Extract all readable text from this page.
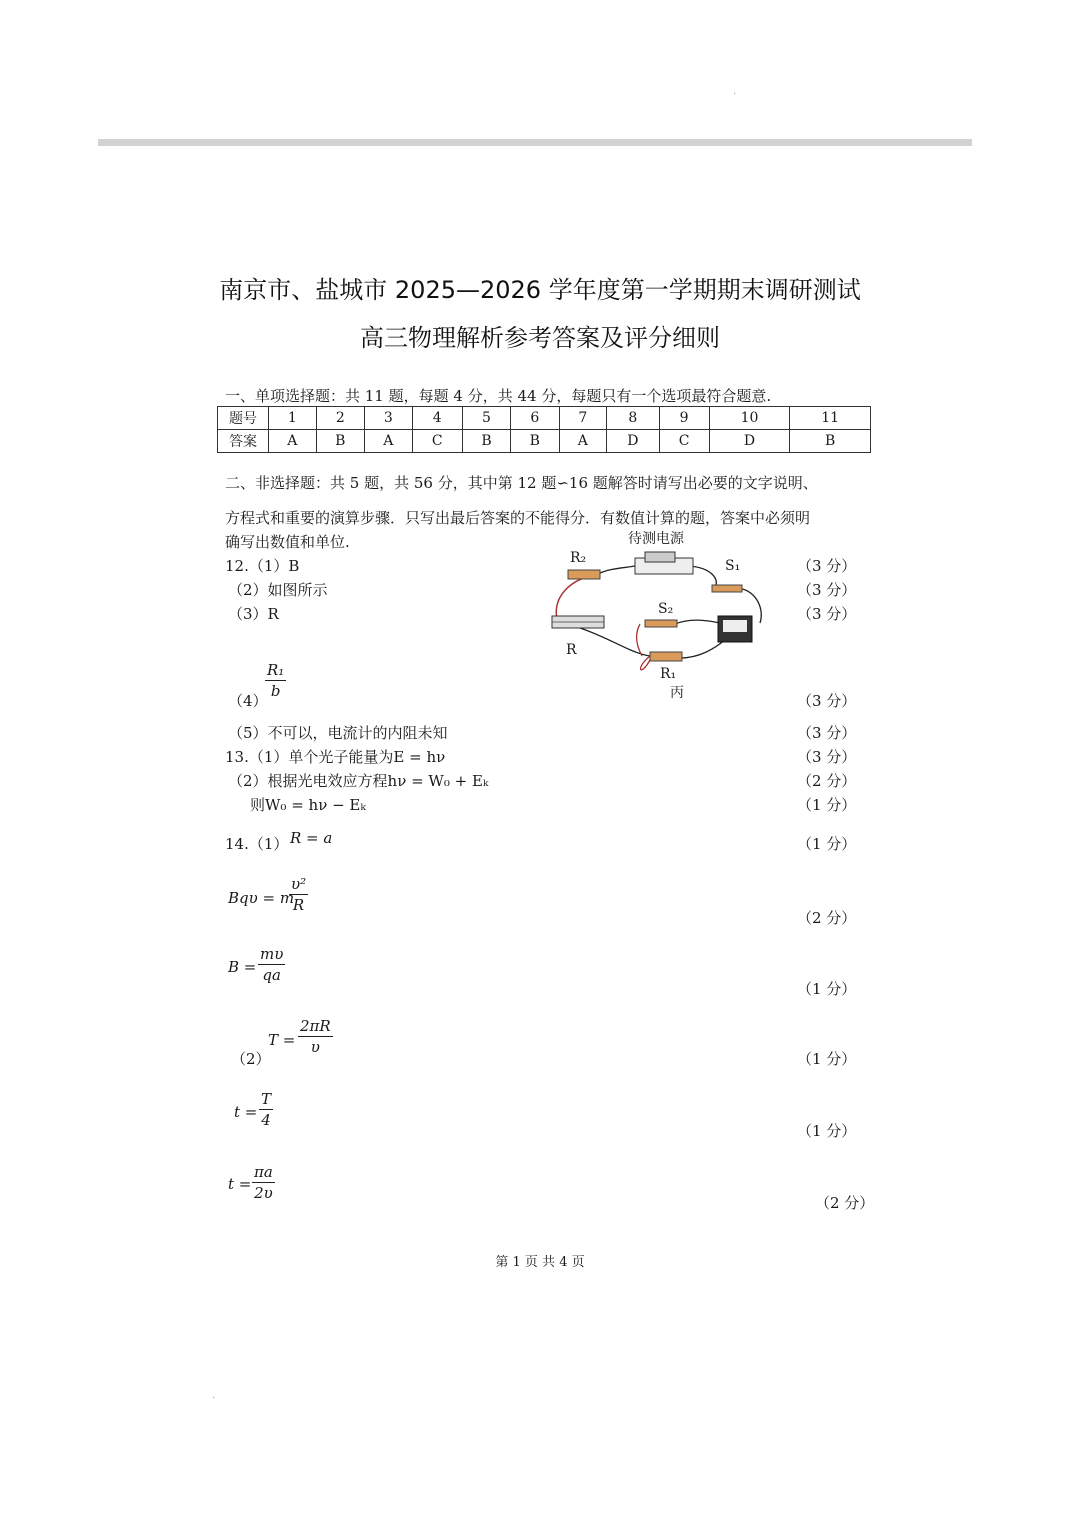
.
南京市、盐城市 2025—2026 学年度第一学期期末调研测试
高三物理解析参考答案及评分细则
一、单项选择题：共 11 题，每题 4 分，共 44 分，每题只有一个选项最符合题意.
题号	1	2	3	4	5	6	7	8	9	10	11
答案	A	B	A	C	B	B	A	D	C	D	B
二、非选择题：共 5 题，共 56 分，其中第 12 题∽16 题解答时请写出必要的文字说明、
方程式和重要的演算步骤．只写出最后答案的不能得分．有数值计算的题，答案中必须明
确写出数值和单位.
12.（1）B
（2）如图所示
（3）R
（4）
$\frac{\text{R₁}}{b}$
（5）不可以，电流计的内阻未知
待测电源
R₂	S₁
S₂
R
R₁
丙
13.（1）单个光子能量为E = hν
（2）根据光电效应方程hν = W₀ + Eₖ
则W₀ = hν − Eₖ
14.（1） R = a
Bqυ = m
$\frac{\text{υ²}}{R}$
$B = \frac{m\upsilon}{qa}$
（2）
$T = \frac{2\pi R}{\upsilon}$
$t = \frac{T}{4}$
$t = \frac{\pi a}{2\upsilon}$
（3 分）
（3 分）
（3 分）
（3 分）
（3 分）
（3 分）
（2 分）
（1 分）
（1 分）
（2 分）
（1 分）
（1 分）
（1 分）
（2 分）
第 1 页 共 4 页
.
